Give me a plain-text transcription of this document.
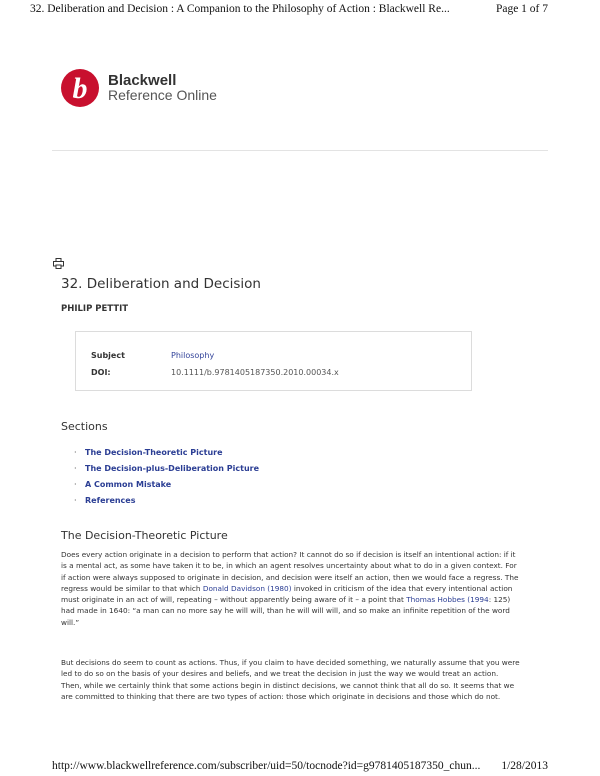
32. Deliberation and Decision : A Companion to the Philosophy of Action : Blackwell Re...	Page 1 of 7
b Blackwell
Reference Online
32. Deliberation and Decision
PHILIP PETTIT
Subject	Philosophy
DOI:	10.1111/b.9781405187350.2010.00034.x
Sections
·	The Decision-Theoretic Picture
·	The Decision-plus-Deliberation Picture
·	A Common Mistake
·	References
The Decision-Theoretic Picture

Does every action originate in a decision to perform that action? It cannot do so if decision is itself an intentional action: if it is a mental act, as some have taken it to be, in which an agent resolves uncertainty about what to do in a given context. For if action were always supposed to originate in decision, and decision were itself an action, then we would face a regress. The regress would be similar to that which Donald Davidson (1980) invoked in criticism of the idea that every intentional action must originate in an act of will, repeating – without apparently being aware of it – a point that Thomas Hobbes (1994: 125) had made in 1640: “a man can no more say he will will, than he will will will, and so make an infinite repetition of the word will.”

But decisions do seem to count as actions. Thus, if you claim to have decided something, we naturally assume that you were led to do so on the basis of your desires and beliefs, and we treat the decision in just the way we would treat an action. Then, while we certainly think that some actions begin in distinct decisions, we cannot think that all do so. It seems that we are committed to thinking that there are two types of action: those which originate in decisions and those which do not.

http://www.blackwellreference.com/subscriber/uid=50/tocnode?id=g9781405187350_chun... 1/28/2013
